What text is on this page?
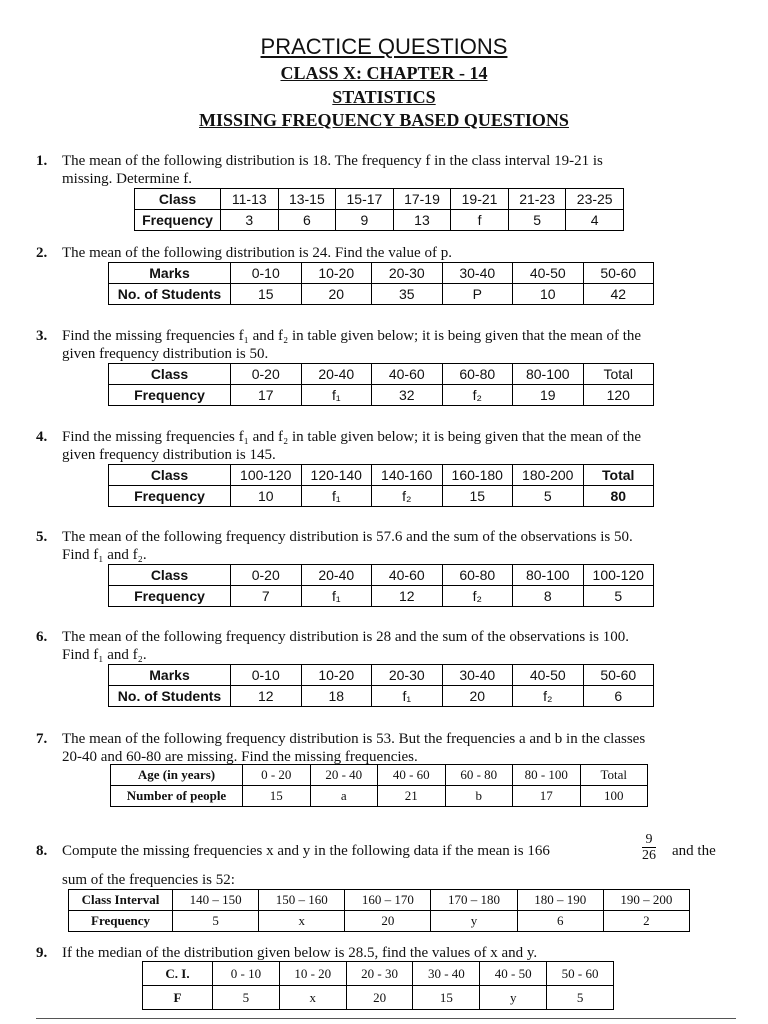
PRACTICE QUESTIONS
CLASS X: CHAPTER - 14
STATISTICS
MISSING FREQUENCY BASED QUESTIONS
1. The mean of the following distribution is 18. The frequency f in the class interval 19-21 is
missing. Determine f.
Class	11-13	13-15	15-17	17-19	19-21	21-23	23-25
Frequency	3	6	9	13	f	5	4
2. The mean of the following distribution is 24. Find the value of p.
Marks	0-10	10-20	20-30	30-40	40-50	50-60
No. of Students	15	20	35	P	10	42
3. Find the missing frequencies f₁ and f₂ in table given below; it is being given that the mean of the
given frequency distribution is 50.
Class	0-20	20-40	40-60	60-80	80-100	Total
Frequency	17	f₁	32	f₂	19	120
4. Find the missing frequencies f₁ and f₂ in table given below; it is being given that the mean of the
given frequency distribution is 145.
Class	100-120	120-140	140-160	160-180	180-200	Total
Frequency	10	f₁	f₂	15	5	80
5. The mean of the following frequency distribution is 57.6 and the sum of the observations is 50.
Find f₁ and f₂.
Class	0-20	20-40	40-60	60-80	80-100	100-120
Frequency	7	f₁	12	f₂	8	5
6. The mean of the following frequency distribution is 28 and the sum of the observations is 100.
Find f₁ and f₂.
Marks	0-10	10-20	20-30	30-40	40-50	50-60
No. of Students	12	18	f₁	20	f₂	6
7. The mean of the following frequency distribution is 53. But the frequencies a and b in the classes
20-40 and 60-80 are missing. Find the missing frequencies.
Age (in years)	0 - 20	20 - 40	40 - 60	60 - 80	80 - 100	Total
Number of people	15	a	21	b	17	100
8. Compute the missing frequencies x and y in the following data if the mean is 166	$\frac{9}{26}$ and the
sum of the frequencies is 52:
Class Interval	140 – 150	150 – 160	160 – 170	170 – 180	180 – 190	190 – 200
Frequency	5	x	20	y	6	2
9. If the median of the distribution given below is 28.5, find the values of x and y.
C. I.	0 - 10	10 - 20	20 - 30	30 - 40	40 - 50	50 - 60
F	5	x	20	15	y	5
